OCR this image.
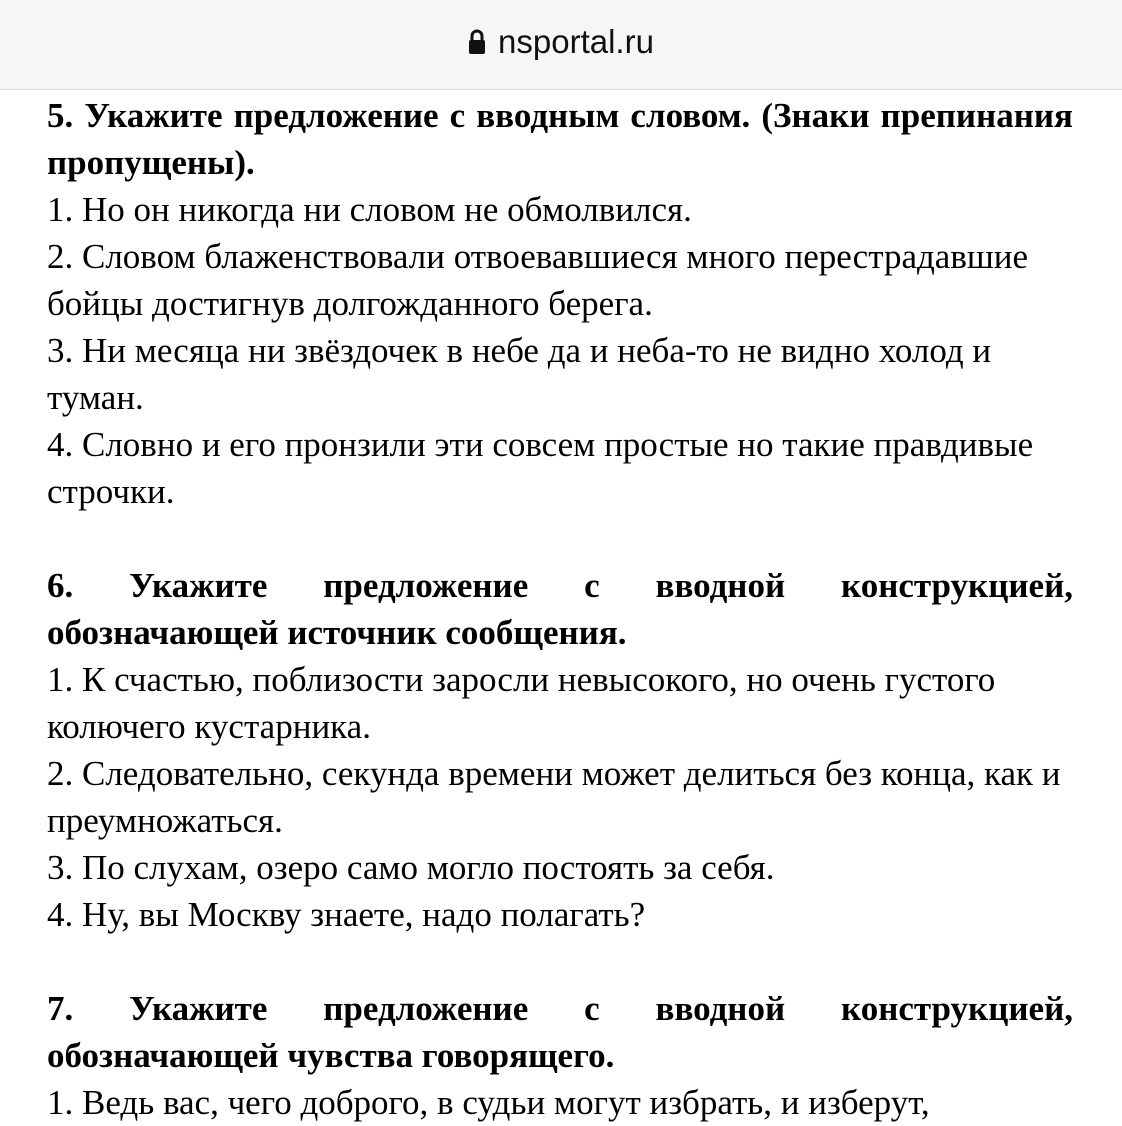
nsportal.ru

5. Укажите предложение с вводным словом. (Знаки препинания пропущены).

1. Но он никогда ни словом не обмолвился.

2. Словом блаженствовали отвоевавшиеся много перестрадавшие бойцы достигнув долгожданного берега.

3. Ни месяца ни звёздочек в небе да и неба-то не видно холод и туман.

4. Словно и его пронзили эти совсем простые но такие правдивые строчки.

6. Укажите предложение с вводной конструкцией, обозначающей источник сообщения.

1. К счастью, поблизости заросли невысокого, но очень густого колючего кустарника.

2. Следовательно, секунда времени может делиться без конца, как и преумножаться.

3. По слухам, озеро само могло постоять за себя.

4. Ну, вы Москву знаете, надо полагать?

7. Укажите предложение с вводной конструкцией, обозначающей чувства говорящего.

1. Ведь вас, чего доброго, в судьи могут избрать, и изберут,
